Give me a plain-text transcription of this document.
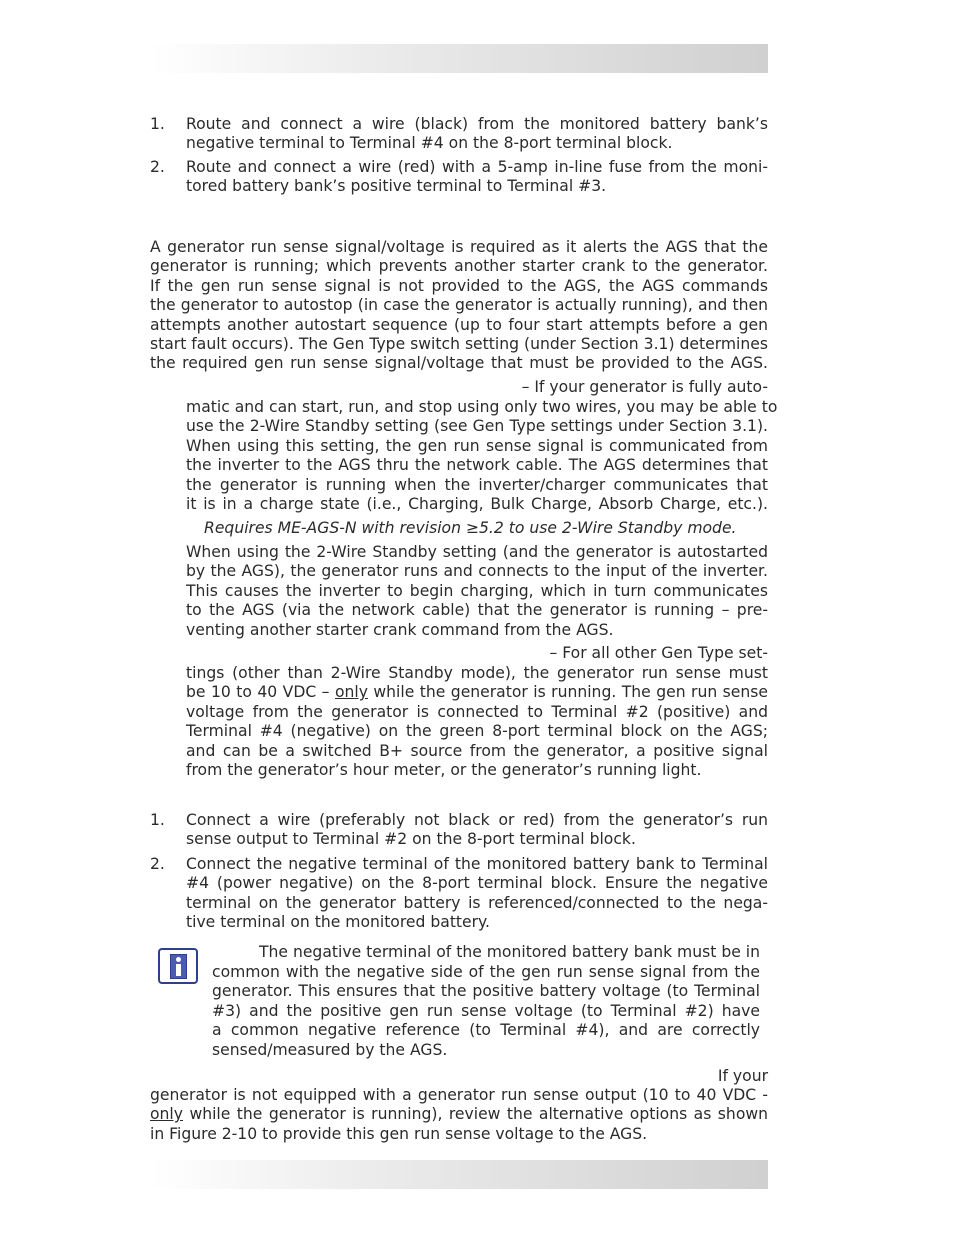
1. Route and connect a wire (black) from the monitored battery bank’s
negative terminal to Terminal #4 on the 8-port terminal block.
2. Route and connect a wire (red) with a 5-amp in-line fuse from the moni-
tored battery bank’s positive terminal to Terminal #3.
A generator run sense signal/voltage is required as it alerts the AGS that the
generator is running; which prevents another starter crank to the generator.
If the gen run sense signal is not provided to the AGS, the AGS commands
the generator to autostop (in case the generator is actually running), and then
attempts another autostart sequence (up to four start attempts before a gen
start fault occurs). The Gen Type switch setting (under Section 3.1) determines
the required gen run sense signal/voltage that must be provided to the AGS.
– If your generator is fully auto-
matic and can start, run, and stop using only two wires, you may be able to
use the 2-Wire Standby setting (see Gen Type settings under Section 3.1).
When using this setting, the gen run sense signal is communicated from
the inverter to the AGS thru the network cable. The AGS determines that
the generator is running when the inverter/charger communicates that
it is in a charge state (i.e., Charging, Bulk Charge, Absorb Charge, etc.).
Requires ME-AGS-N with revision ≥5.2 to use 2-Wire Standby mode.
When using the 2-Wire Standby setting (and the generator is autostarted
by the AGS), the generator runs and connects to the input of the inverter.
This causes the inverter to begin charging, which in turn communicates
to the AGS (via the network cable) that the generator is running – pre-
venting another starter crank command from the AGS.
– For all other Gen Type set-
tings (other than 2-Wire Standby mode), the generator run sense must
be 10 to 40 VDC – only while the generator is running. The gen run sense
voltage from the generator is connected to Terminal #2 (positive) and
Terminal #4 (negative) on the green 8-port terminal block on the AGS;
and can be a switched B+ source from the generator, a positive signal
from the generator’s hour meter, or the generator’s running light.
1. Connect a wire (preferably not black or red) from the generator’s run
sense output to Terminal #2 on the 8-port terminal block.
2. Connect the negative terminal of the monitored battery bank to Terminal
#4 (power negative) on the 8-port terminal block. Ensure the negative
terminal on the generator battery is referenced/connected to the nega-
tive terminal on the monitored battery.
The negative terminal of the monitored battery bank must be in
common with the negative side of the gen run sense signal from the
generator. This ensures that the positive battery voltage (to Terminal
#3) and the positive gen run sense voltage (to Terminal #2) have
a common negative reference (to Terminal #4), and are correctly
sensed/measured by the AGS.
If your
generator is not equipped with a generator run sense output (10 to 40 VDC -
only while the generator is running), review the alternative options as shown
in Figure 2-10 to provide this gen run sense voltage to the AGS.
